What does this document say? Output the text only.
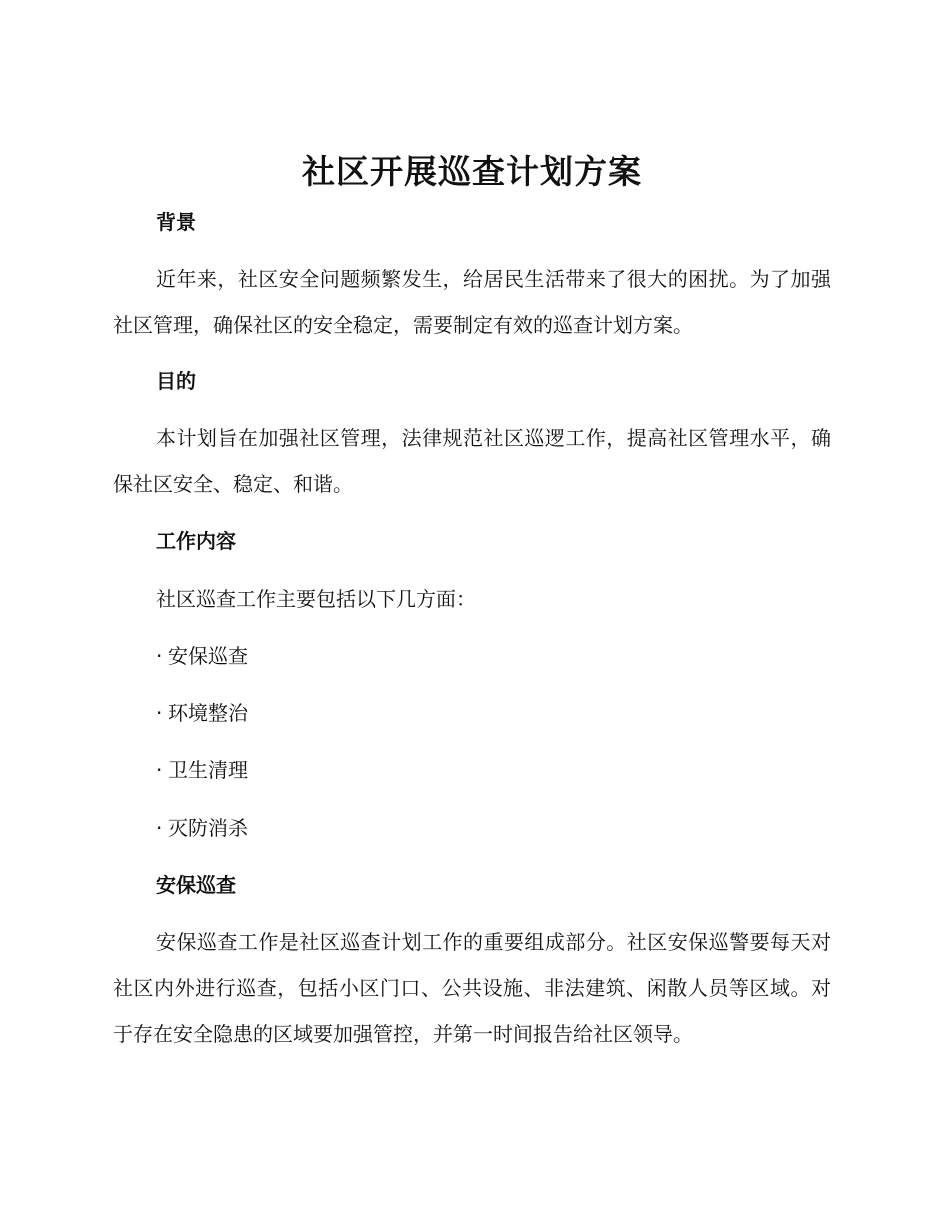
社区开展巡查计划方案
背景

近年来，社区安全问题频繁发生，给居民生活带来了很大的困扰。为了加强社区管理，确保社区的安全稳定，需要制定有效的巡查计划方案。

目的

本计划旨在加强社区管理，法律规范社区巡逻工作，提高社区管理水平，确保社区安全、稳定、和谐。

工作内容

社区巡查工作主要包括以下几方面：

· 安保巡查

· 环境整治

· 卫生清理

· 灭防消杀

安保巡查

安保巡查工作是社区巡查计划工作的重要组成部分。社区安保巡警要每天对社区内外进行巡查，包括小区门口、公共设施、非法建筑、闲散人员等区域。对于存在安全隐患的区域要加强管控，并第一时间报告给社区领导。
